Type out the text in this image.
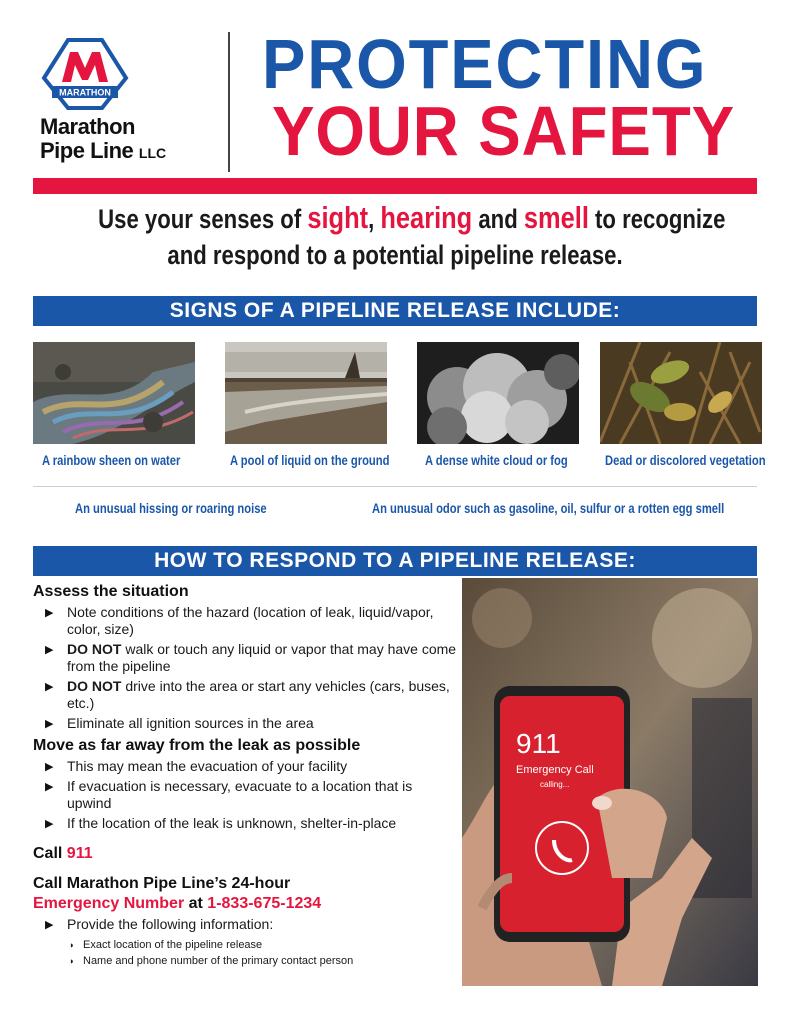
MARATHON
Marathon
Pipe Line LLC
PROTECTING
YOUR SAFETY
Use your senses of sight, hearing and smell to recognize
and respond to a potential pipeline release.
SIGNS OF A PIPELINE RELEASE INCLUDE:
A rainbow sheen on water	A pool of liquid on the ground	A dense white cloud or fog	Dead or discolored vegetation
An unusual hissing or roaring noise	An unusual odor such as gasoline, oil, sulfur or a rotten egg smell
HOW TO RESPOND TO A PIPELINE RELEASE:
Assess the situation
▶ Note conditions of the hazard (location of leak, liquid/vapor, color, size)
▶ DO NOT walk or touch any liquid or vapor that may have come from the pipeline
▶ DO NOT drive into the area or start any vehicles (cars, buses, etc.)
▶ Eliminate all ignition sources in the area
Move as far away from the leak as possible
▶ This may mean the evacuation of your facility
▶ If evacuation is necessary, evacuate to a location that is upwind
▶ If the location of the leak is unknown, shelter-in-place
Call 911
Call Marathon Pipe Line’s 24-hour
Emergency Number at 1-833-675-1234
▶ Provide the following information:
◗ Exact location of the pipeline release
◗ Name and phone number of the primary contact person
911
Emergency Call
calling...
